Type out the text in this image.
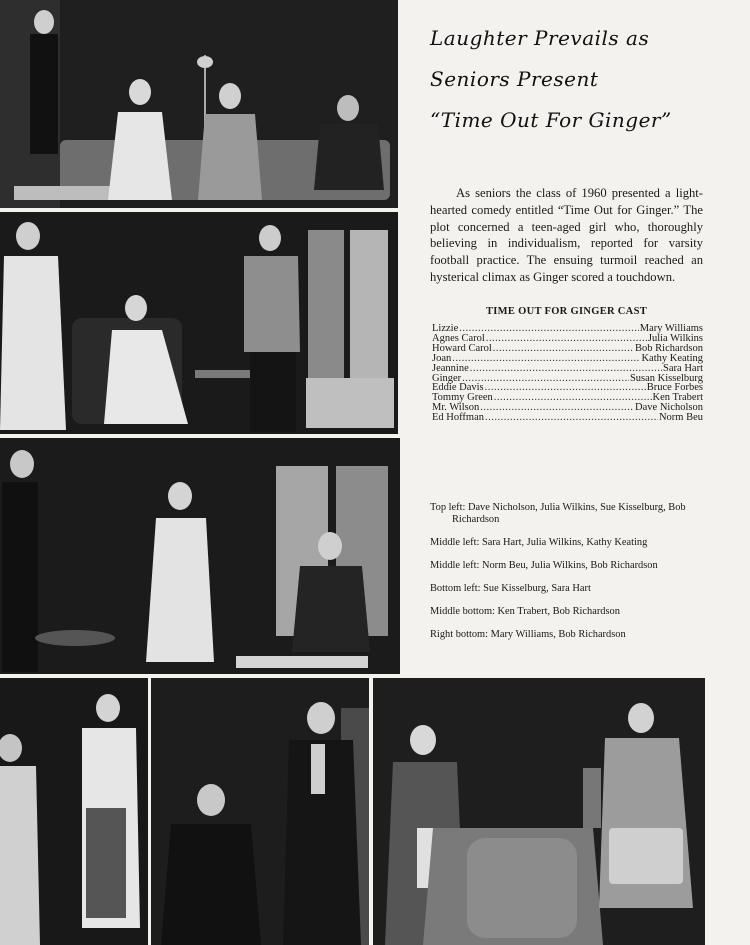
Laughter Prevails as
Seniors Present
“Time Out For Ginger”

As seniors the class of 1960 presented a light-hearted comedy entitled “Time Out for Ginger.” The plot concerned a teen-aged girl who, thoroughly believing in individualism, reported for varsity football practice. The ensuing turmoil reached an hysterical climax as Ginger scored a touchdown.

TIME OUT FOR GINGER CAST

Lizzie .....	Mary Williams
Agnes Carol .....	Julia Wilkins
Howard Carol .....	Bob Richardson
Joan .....	Kathy Keating
Jeannine .....	Sara Hart
Ginger .....	Susan Kisselburg
Eddie Davis .....	Bruce Forbes
Tommy Green .....	Ken Trabert
Mr. Wilson .....	Dave Nicholson
Ed Hoffman .....	Norm Beu
Top left: Dave Nicholson, Julia Wilkins, Sue Kisselburg, Bob Richardson
Middle left: Sara Hart, Julia Wilkins, Kathy Keating
Middle left: Norm Beu, Julia Wilkins, Bob Richardson
Bottom left: Sue Kisselburg, Sara Hart
Middle bottom: Ken Trabert, Bob Richardson
Right bottom: Mary Williams, Bob Richardson
